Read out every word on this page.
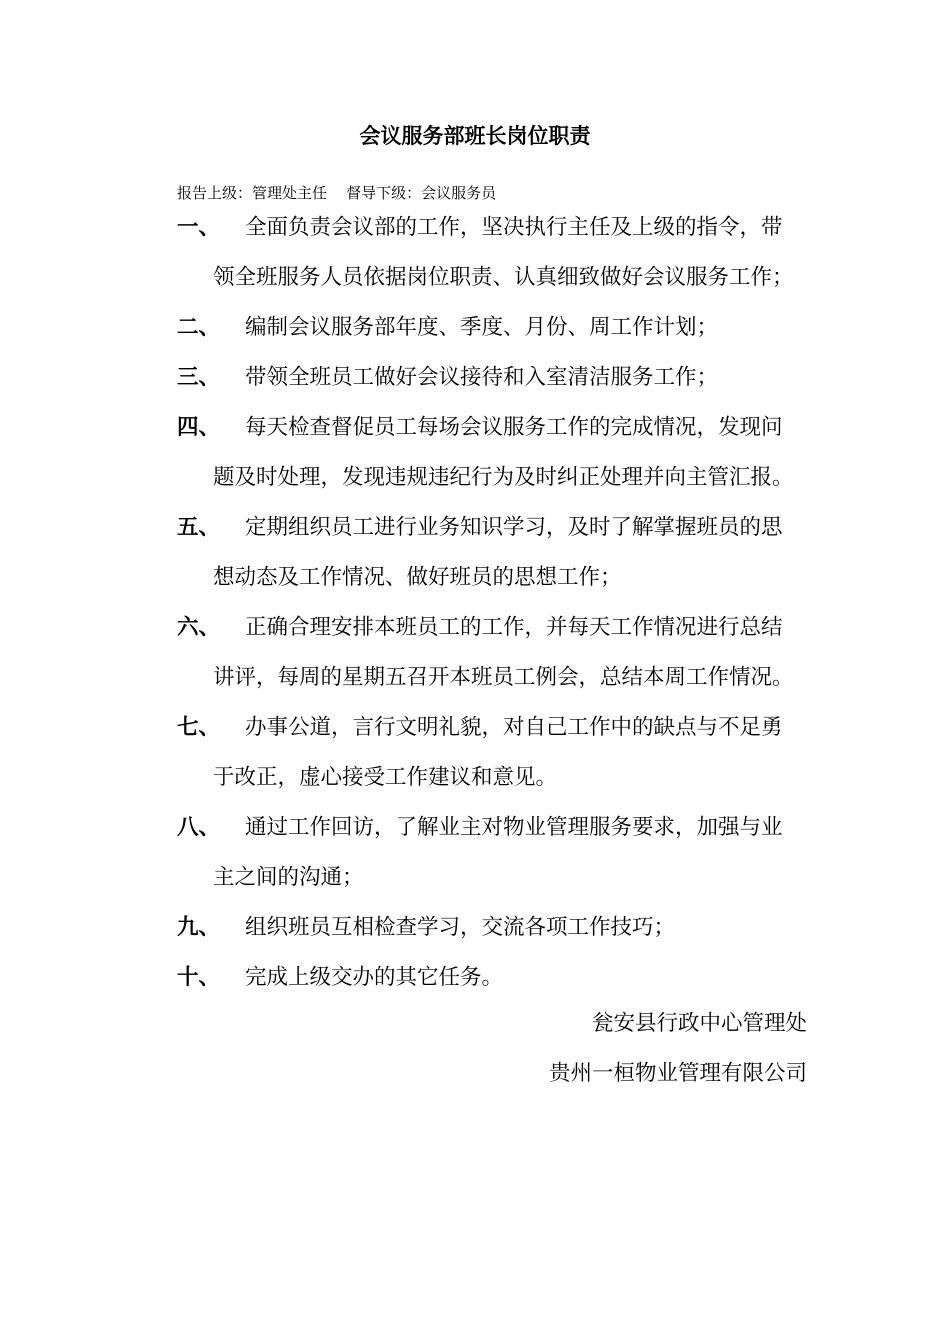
会议服务部班长岗位职责
报告上级：管理处主任    督导下级：会议服务员
一、	全面负责会议部的工作，坚决执行主任及上级的指令，带
领全班服务人员依据岗位职责、认真细致做好会议服务工作；
二、	编制会议服务部年度、季度、月份、周工作计划；
三、	带领全班员工做好会议接待和入室清洁服务工作；
四、	每天检查督促员工每场会议服务工作的完成情况，发现问
题及时处理，发现违规违纪行为及时纠正处理并向主管汇报。
五、	定期组织员工进行业务知识学习，及时了解掌握班员的思
想动态及工作情况、做好班员的思想工作；
六、	正确合理安排本班员工的工作，并每天工作情况进行总结
讲评，每周的星期五召开本班员工例会，总结本周工作情况。
七、	办事公道，言行文明礼貌，对自己工作中的缺点与不足勇
于改正，虚心接受工作建议和意见。
八、	通过工作回访，了解业主对物业管理服务要求，加强与业
主之间的沟通；
九、	组织班员互相检查学习，交流各项工作技巧；
十、	完成上级交办的其它任务。
瓮安县行政中心管理处
贵州一桓物业管理有限公司
